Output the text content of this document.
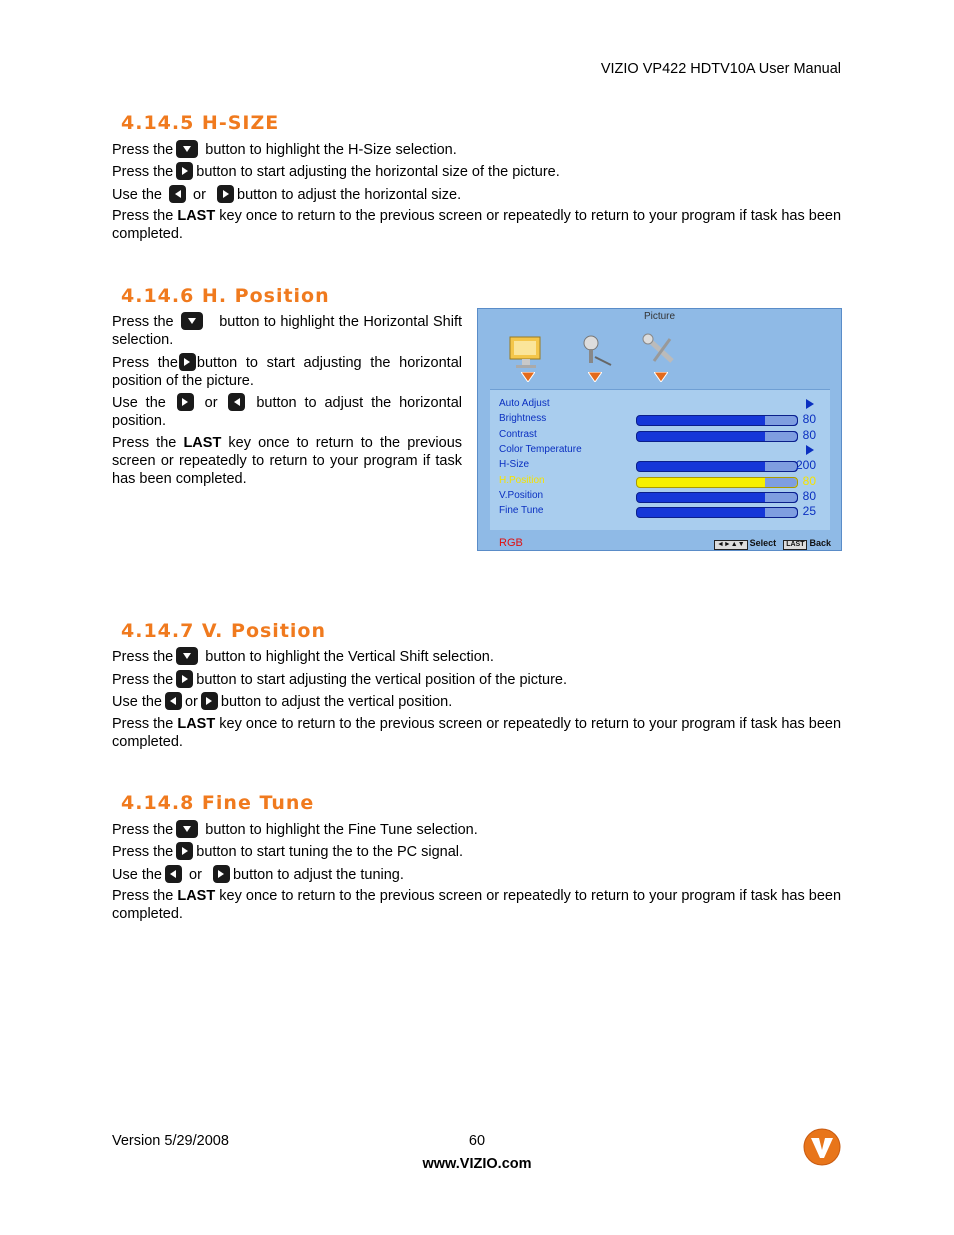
VIZIO VP422 HDTV10A User Manual
4.14.5 H-SIZE
Press the button to highlight the H-Size selection.
Press the button to start adjusting the horizontal size of the picture.
Use the or button to adjust the horizontal size.
Press the LAST key once to return to the previous screen or repeatedly to return to your program if task has been completed.
4.14.6 H. Position
Press the	button to highlight the Horizontal Shift selection.
Press the button to start adjusting the horizontal position of the picture.
Use the	or	button to adjust the horizontal position.
Press the LAST key once to return to the previous screen or repeatedly to return to your program if task has been completed.
Picture
Auto Adjust
Brightness	80
Contrast	80
Color Temperature
H-Size	200
H.Position	80
V.Position	80
Fine Tune	25
RGB	◄►▲▼ Select LAST Back
4.14.7 V. Position
Press the button to highlight the Vertical Shift selection.
Press the button to start adjusting the vertical position of the picture.
Use the or button to adjust the vertical position.
Press the LAST key once to return to the previous screen or repeatedly to return to your program if task has been completed.
4.14.8 Fine Tune
Press the button to highlight the Fine Tune selection.
Press the button to start tuning the to the PC signal.
Use the or button to adjust the tuning.
Press the LAST key once to return to the previous screen or repeatedly to return to your program if task has been completed.
Version 5/29/2008	60
www.VIZIO.com
